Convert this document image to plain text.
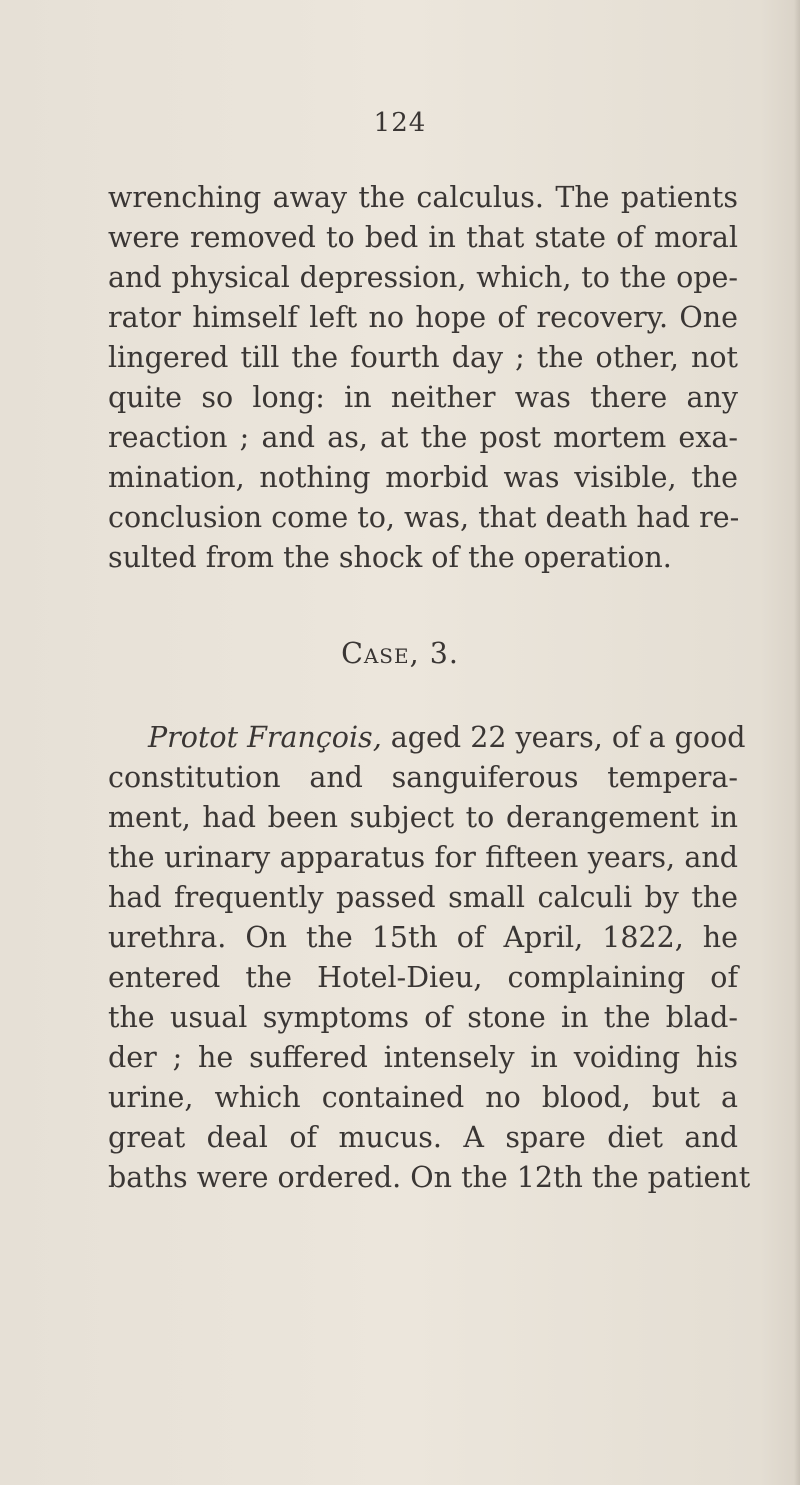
124
wrenching away the calculus. The patients
were removed to bed in that state of moral
and physical depression, which, to the ope-
rator himself left no hope of recovery. One
lingered till the fourth day ; the other, not
quite so long: in neither was there any
reaction ; and as, at the post mortem exa-
mination, nothing morbid was visible, the
conclusion come to, was, that death had re-
sulted from the shock of the operation.
Case, 3.
Protot François, aged 22 years, of a good
constitution and sanguiferous tempera-
ment, had been subject to derangement in
the urinary apparatus for fifteen years, and
had frequently passed small calculi by the
urethra. On the 15th of April, 1822, he
entered the Hotel-Dieu, complaining of
the usual symptoms of stone in the blad-
der ; he suffered intensely in voiding his
urine, which contained no blood, but a
great deal of mucus. A spare diet and
baths were ordered. On the 12th the patient
